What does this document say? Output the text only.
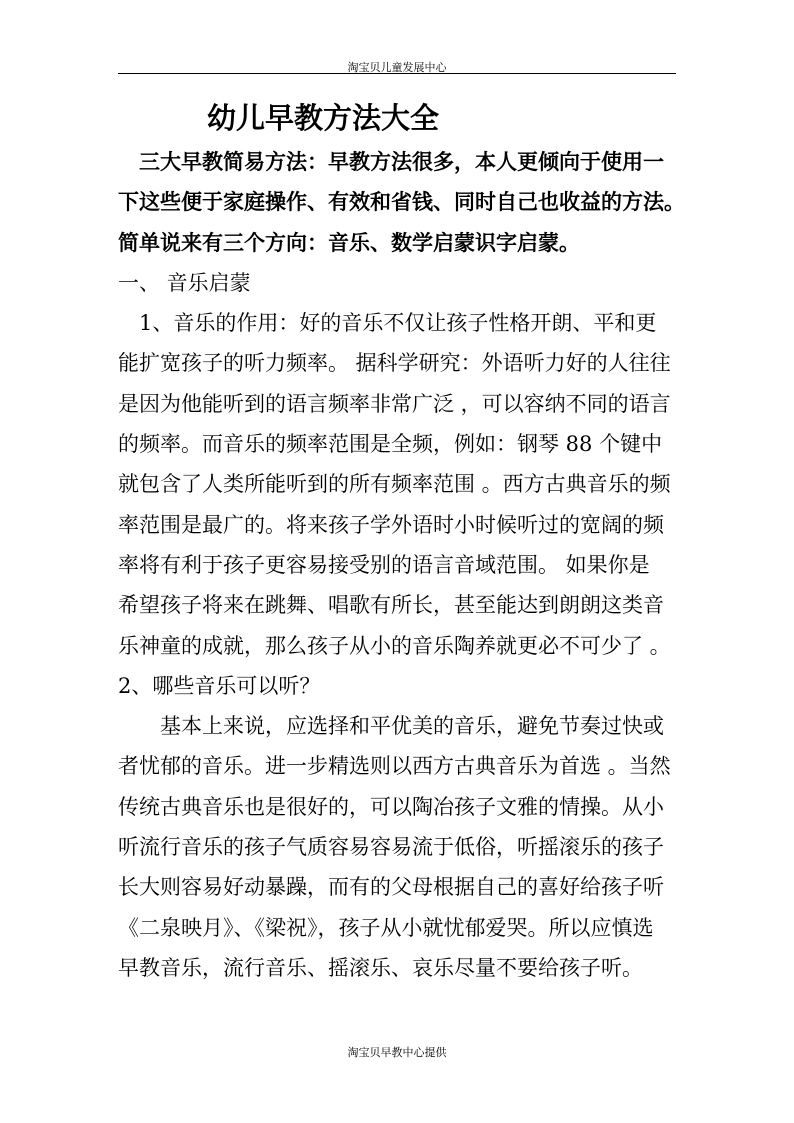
淘宝贝儿童发展中心
幼儿早教方法大全
三大早教简易方法：早教方法很多，本人更倾向于使用一
下这些便于家庭操作、有效和省钱、同时自己也收益的方法。
简单说来有三个方向：音乐、数学启蒙识字启蒙。
一、 音乐启蒙
1、音乐的作用：好的音乐不仅让孩子性格开朗、平和更
能扩宽孩子的听力频率。 据科学研究：外语听力好的人往往
是因为他能听到的语言频率非常广泛 ，可以容纳不同的语言
的频率。而音乐的频率范围是全频，例如：钢琴 88 个键中
就包含了人类所能听到的所有频率范围 。西方古典音乐的频
率范围是最广的。将来孩子学外语时小时候听过的宽阔的频
率将有利于孩子更容易接受别的语言音域范围。 如果你是
希望孩子将来在跳舞、唱歌有所长，甚至能达到朗朗这类音
乐神童的成就，那么孩子从小的音乐陶养就更必不可少了 。
2、哪些音乐可以听？
基本上来说，应选择和平优美的音乐，避免节奏过快或
者忧郁的音乐。进一步精选则以西方古典音乐为首选 。当然
传统古典音乐也是很好的，可以陶冶孩子文雅的情操。从小
听流行音乐的孩子气质容易容易流于低俗，听摇滚乐的孩子
长大则容易好动暴躁，而有的父母根据自己的喜好给孩子听
《二泉映月》、《梁祝》，孩子从小就忧郁爱哭。所以应慎选
早教音乐，流行音乐、摇滚乐、哀乐尽量不要给孩子听。
淘宝贝早教中心提供
